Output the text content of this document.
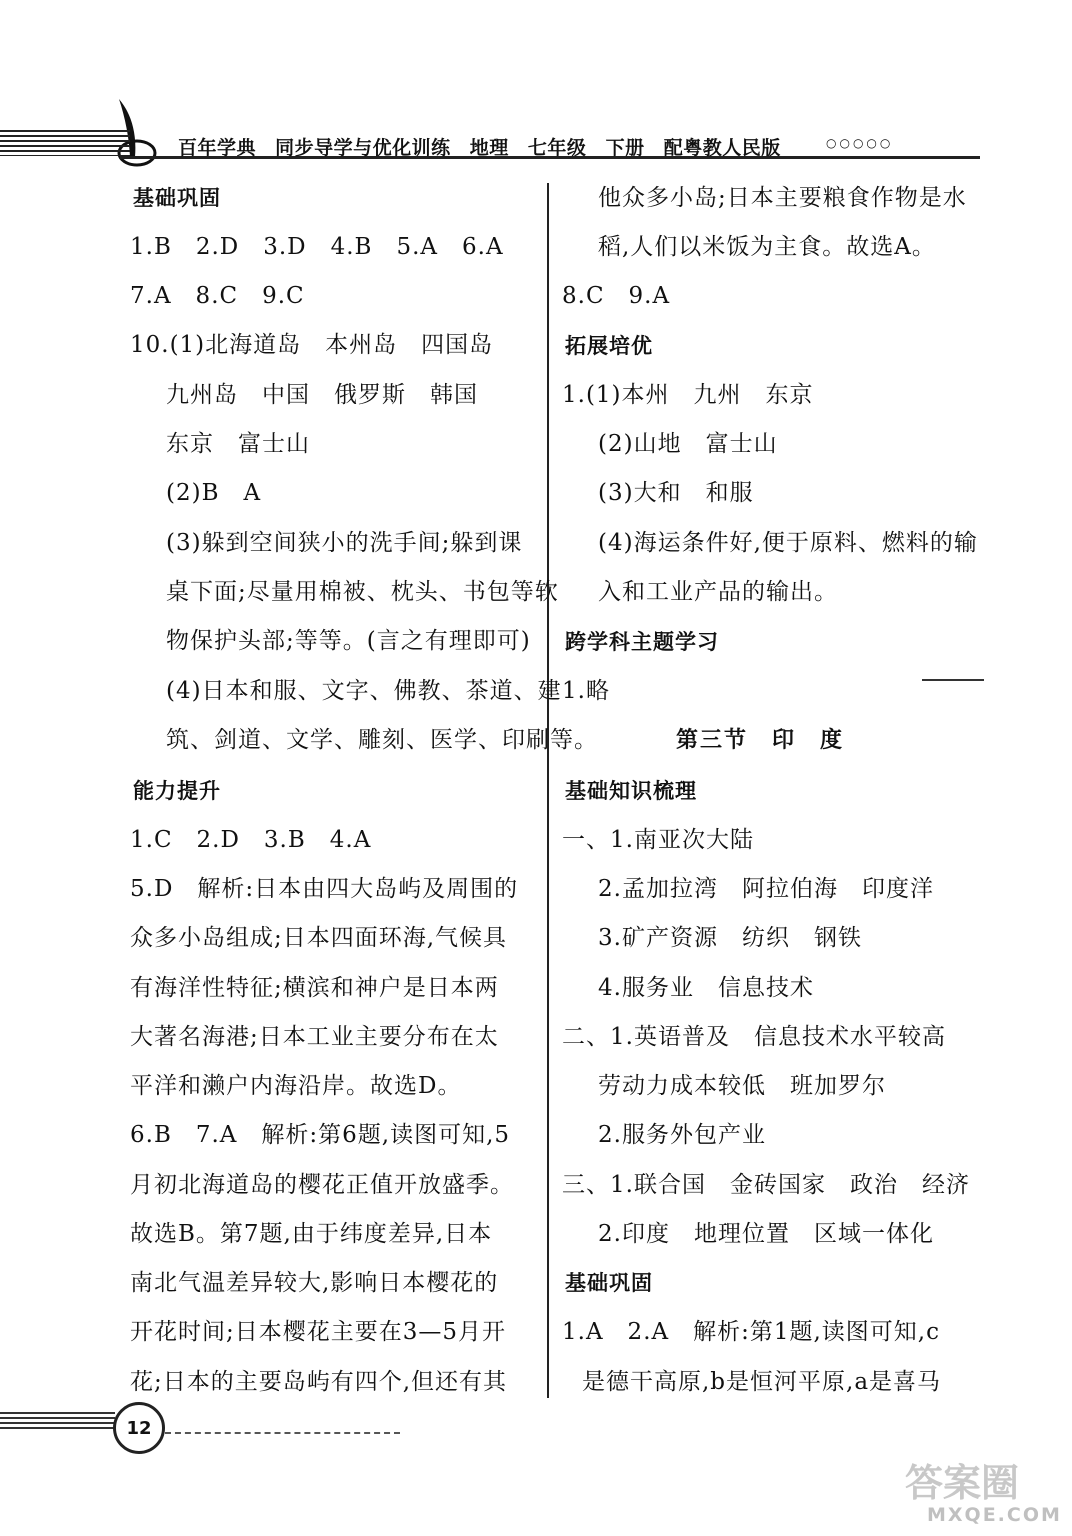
百年学典 同步导学与优化训练 地理 七年级 下册 配粤教人民版	○○○○○
基础巩固
1.B　2.D　3.D　4.B　5.A　6.A
7.A　8.C　9.C
10.(1)北海道岛　本州岛　四国岛
九州岛　中国　俄罗斯　韩国
东京　富士山
(2)B　A
(3)躲到空间狭小的洗手间;躲到课
桌下面;尽量用棉被、枕头、书包等软
物保护头部;等等。(言之有理即可)
(4)日本和服、文字、佛教、茶道、建
筑、剑道、文学、雕刻、医学、印刷等。
能力提升
1.C　2.D　3.B　4.A
5.D　解析:日本由四大岛屿及周围的
众多小岛组成;日本四面环海,气候具
有海洋性特征;横滨和神户是日本两
大著名海港;日本工业主要分布在太
平洋和濑户内海沿岸。故选D。
6.B　7.A　解析:第6题,读图可知,5
月初北海道岛的樱花正值开放盛季。
故选B。第7题,由于纬度差异,日本
南北气温差异较大,影响日本樱花的
开花时间;日本樱花主要在3—5月开
花;日本的主要岛屿有四个,但还有其
他众多小岛;日本主要粮食作物是水
稻,人们以米饭为主食。故选A。
8.C　9.A
拓展培优
1.(1)本州　九州　东京
(2)山地　富士山
(3)大和　和服
(4)海运条件好,便于原料、燃料的输
入和工业产品的输出。
跨学科主题学习
1.略
第三节　印　度
基础知识梳理
一、1.南亚次大陆
2.孟加拉湾　阿拉伯海　印度洋
3.矿产资源　纺织　钢铁
4.服务业　信息技术
二、1.英语普及　信息技术水平较高
劳动力成本较低　班加罗尔
2.服务外包产业
三、1.联合国　金砖国家　政治　经济
2.印度　地理位置　区域一体化
基础巩固
1.A　2.A　解析:第1题,读图可知,c
是德干高原,b是恒河平原,a是喜马
12
答案圈
MXQE.COM
